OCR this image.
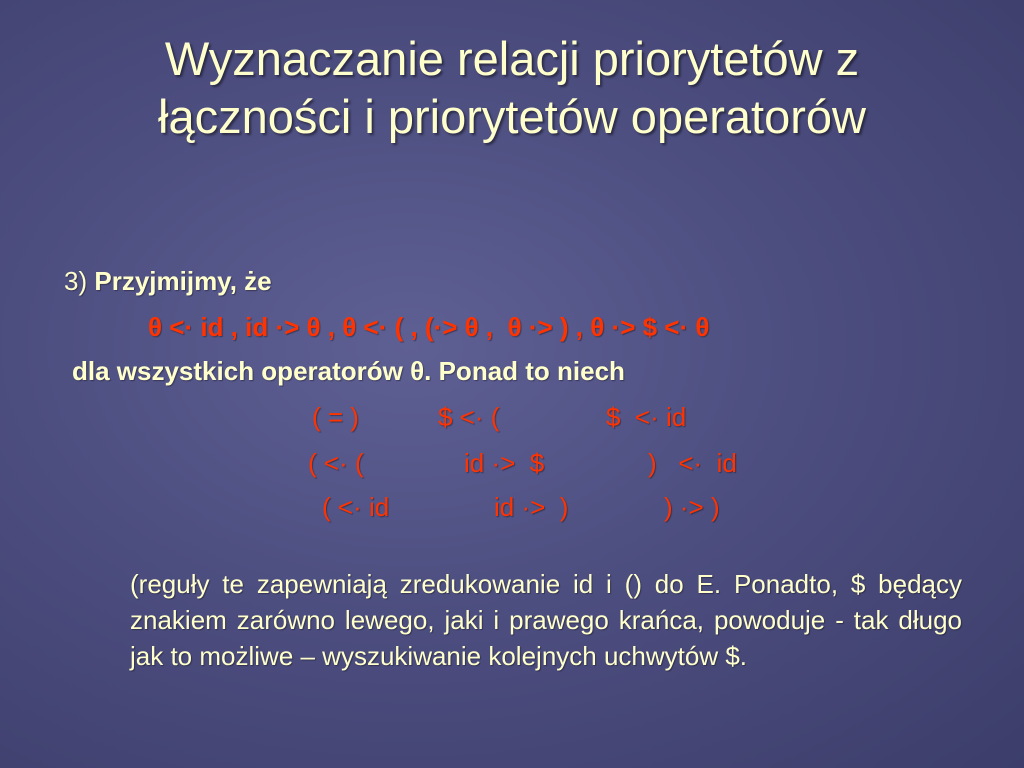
Wyznaczanie relacji priorytetów z
łączności i priorytetów operatorów
3) Przyjmijmy, że
θ <· id , id ·> θ , θ <· ( , (·> θ ,  θ ·> ) , θ ·> $ <· θ
dla wszystkich operatorów θ. Ponad to niech
( = )	$ <· (	$  <· id
( <· (	id ·>  $	)   <·  id
( <· id	id ·>  )	) ·> )
(reguły te zapewniają zredukowanie id i () do E. Ponadto, $ będący znakiem zarówno lewego, jaki i prawego krańca, powoduje - tak długo jak to możliwe – wyszukiwanie kolejnych uchwytów $.
